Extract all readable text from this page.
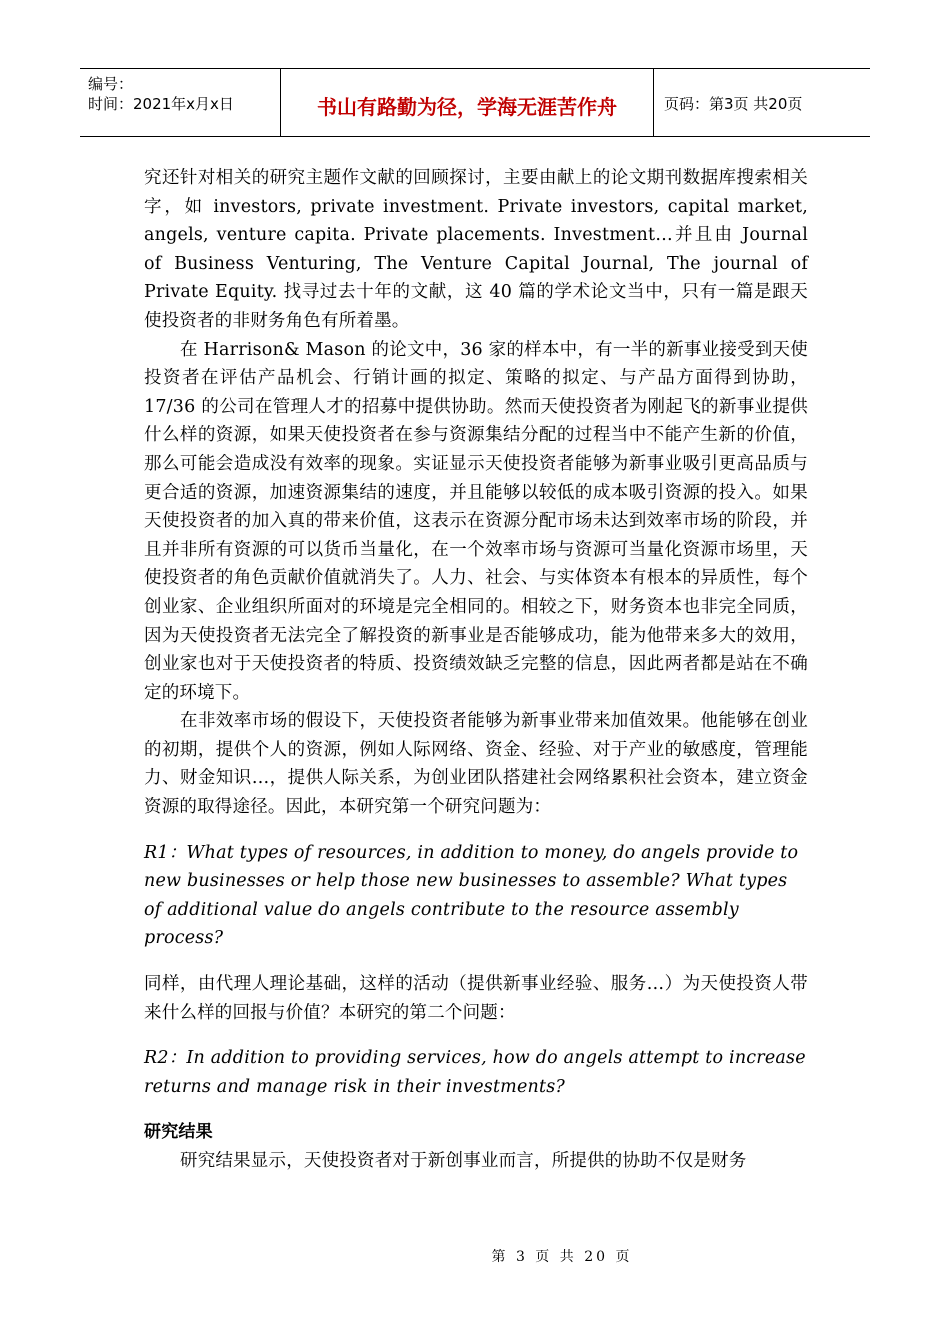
编号：
时间：2021年x月x日	书山有路勤为径，学海无涯苦作舟	页码：第3页 共20页

究还针对相关的研究主题作文献的回顾探讨，主要由献上的论文期刊数据库搜索相关字，如 investors, private investment. Private investors, capital market, angels, venture capita. Private placements. Investment…并且由 Journal of Business Venturing, The Venture Capital Journal, The journal of Private Equity. 找寻过去十年的文献，这 40 篇的学术论文当中，只有一篇是跟天使投资者的非财务角色有所着墨。

在 Harrison& Mason 的论文中，36 家的样本中，有一半的新事业接受到天使投资者在评估产品机会、行销计画的拟定、策略的拟定、与产品方面得到协助，17/36 的公司在管理人才的招募中提供协助。然而天使投资者为刚起飞的新事业提供什么样的资源，如果天使投资者在参与资源集结分配的过程当中不能产生新的价值，那么可能会造成没有效率的现象。实证显示天使投资者能够为新事业吸引更高品质与更合适的资源，加速资源集结的速度，并且能够以较低的成本吸引资源的投入。如果天使投资者的加入真的带来价值，这表示在资源分配市场未达到效率市场的阶段，并且并非所有资源的可以货币当量化，在一个效率市场与资源可当量化资源市场里，天使投资者的角色贡献价值就消失了。人力、社会、与实体资本有根本的异质性，每个创业家、企业组织所面对的环境是完全相同的。相较之下，财务资本也非完全同质，因为天使投资者无法完全了解投资的新事业是否能够成功，能为他带来多大的效用，创业家也对于天使投资者的特质、投资绩效缺乏完整的信息，因此两者都是站在不确定的环境下。

在非效率市场的假设下，天使投资者能够为新事业带来加值效果。他能够在创业的初期，提供个人的资源，例如人际网络、资金、经验、对于产业的敏感度，管理能力、财金知识…，提供人际关系，为创业团队搭建社会网络累积社会资本，建立资金资源的取得途径。因此，本研究第一个研究问题为：

R1：What types of resources, in addition to money, do angels provide to new businesses or help those new businesses to assemble? What types of additional value do angels contribute to the resource assembly process?

同样，由代理人理论基础，这样的活动（提供新事业经验、服务…）为天使投资人带来什么样的回报与价值？本研究的第二个问题：

R2：In addition to providing services, how do angels attempt to increase returns and manage risk in their investments?

研究结果

研究结果显示，天使投资者对于新创事业而言，所提供的协助不仅是财务

第 3 页 共 20 页
